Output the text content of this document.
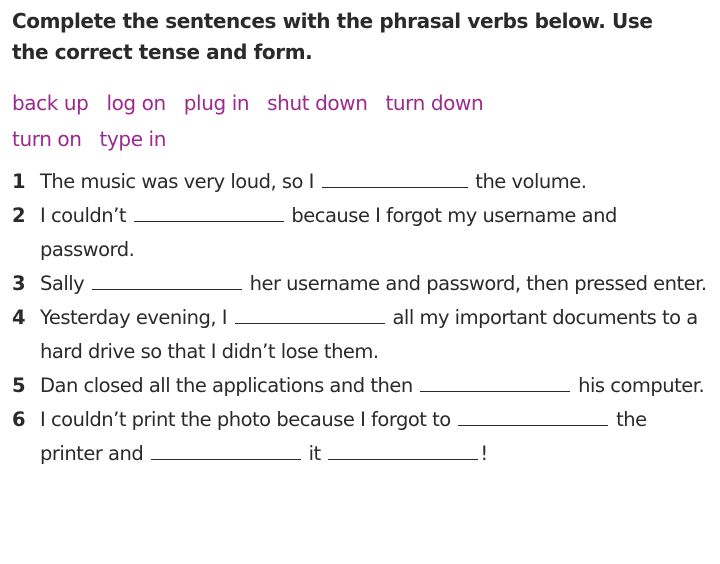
Complete the sentences with the phrasal verbs below. Use the correct tense and form.

back up log on plug in shut down turn down turn on type in
1 The music was very loud, so I	the volume.
2 I couldn’t	because I forgot my username and password.
3 Sally	her username and password, then pressed enter.
4 Yesterday evening, I	all my important documents to a hard drive so that I didn’t lose them.
5 Dan closed all the applications and then	his computer.
6 I couldn’t print the photo because I forgot to	the printer and	it	!
